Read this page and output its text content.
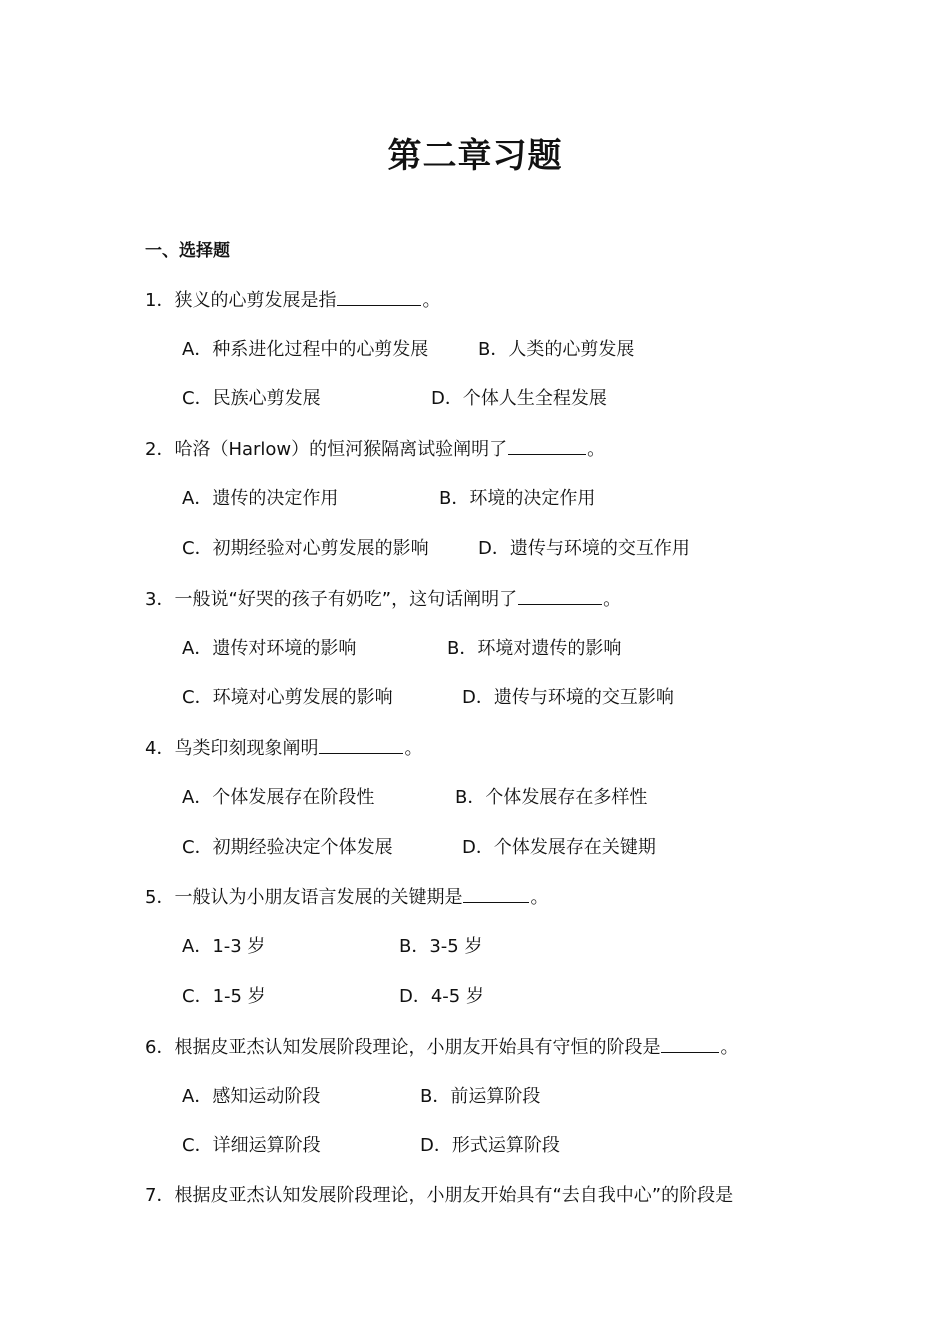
第二章习题
一、选择题
1．狭义的心剪发展是指	。
A．种系进化过程中的心剪发展	B．人类的心剪发展
C．民族心剪发展	D．个体人生全程发展
2．哈洛（Harlow）的恒河猴隔离试验阐明了	。
A．遗传的决定作用	B．环境的决定作用
C．初期经验对心剪发展的影响	D．遗传与环境的交互作用
3．一般说“好哭的孩子有奶吃”，这句话阐明了	。
A．遗传对环境的影响	B．环境对遗传的影响
C．环境对心剪发展的影响	D．遗传与环境的交互影响
4．鸟类印刻现象阐明	。
A．个体发展存在阶段性	B．个体发展存在多样性
C．初期经验决定个体发展	D．个体发展存在关键期
5．一般认为小朋友语言发展的关键期是	。
A．1-3 岁	B．3-5 岁
C．1-5 岁	D．4-5 岁
6．根据皮亚杰认知发展阶段理论，小朋友开始具有守恒的阶段是	。
A．感知运动阶段	B．前运算阶段
C．详细运算阶段	D．形式运算阶段
7．根据皮亚杰认知发展阶段理论，小朋友开始具有“去自我中心”的阶段是
